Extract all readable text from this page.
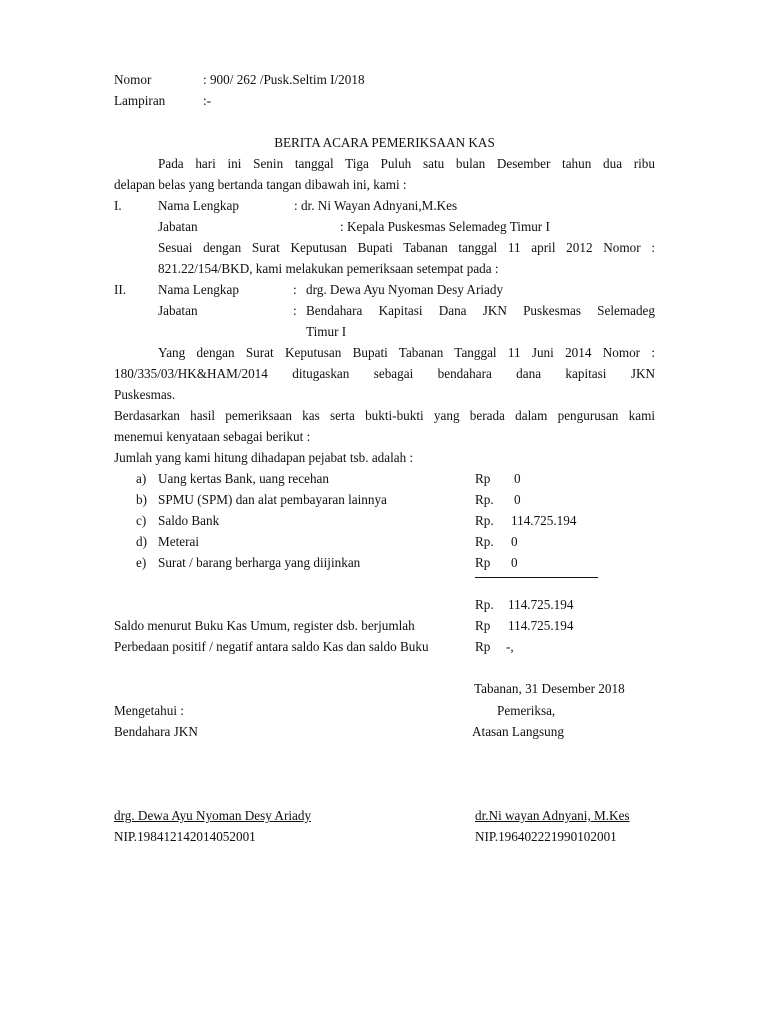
Nomor	: 900/ 262 /Pusk.Seltim I/2018
Lampiran	:-
BERITA ACARA PEMERIKSAAN KAS
Pada hari ini Senin tanggal Tiga Puluh satu bulan Desember tahun dua ribu
delapan belas yang bertanda tangan dibawah ini, kami :
I.	Nama Lengkap	: dr. Ni Wayan Adnyani,M.Kes
Jabatan	: Kepala Puskesmas Selemadeg Timur I
Sesuai dengan Surat Keputusan Bupati Tabanan tanggal 11 april 2012 Nomor :
821.22/154/BKD, kami melakukan pemeriksaan setempat pada :
II. Nama Lengkap	: drg. Dewa Ayu Nyoman Desy Ariady
Jabatan	: Bendahara Kapitasi Dana JKN Puskesmas Selemadeg
Timur I
Yang dengan Surat Keputusan Bupati Tabanan Tanggal 11 Juni 2014 Nomor :
180/335/03/HK&HAM/2014 ditugaskan sebagai bendahara dana kapitasi JKN
Puskesmas.
Berdasarkan hasil pemeriksaan kas serta bukti-bukti yang berada dalam pengurusan kami
menemui kenyataan sebagai berikut :
Jumlah yang kami hitung dihadapan pejabat tsb. adalah :
a) Uang kertas Bank, uang recehan	Rp 0
b) SPMU (SPM) dan alat pembayaran lainnya	Rp. 0
c) Saldo Bank	Rp. 114.725.194
d) Meterai	Rp. 0
e) Surat / barang berharga yang diijinkan	Rp 0
Rp. 114.725.194
Saldo menurut Buku Kas Umum, register dsb. berjumlah	Rp 114.725.194
Perbedaan positif / negatif antara saldo Kas dan saldo Buku	Rp -,
Tabanan, 31 Desember 2018
Mengetahui :	Pemeriksa,
Bendahara JKN	Atasan Langsung
drg. Dewa Ayu Nyoman Desy Ariady	dr.Ni wayan Adnyani, M.Kes
NIP.198412142014052001	NIP.196402221990102001
